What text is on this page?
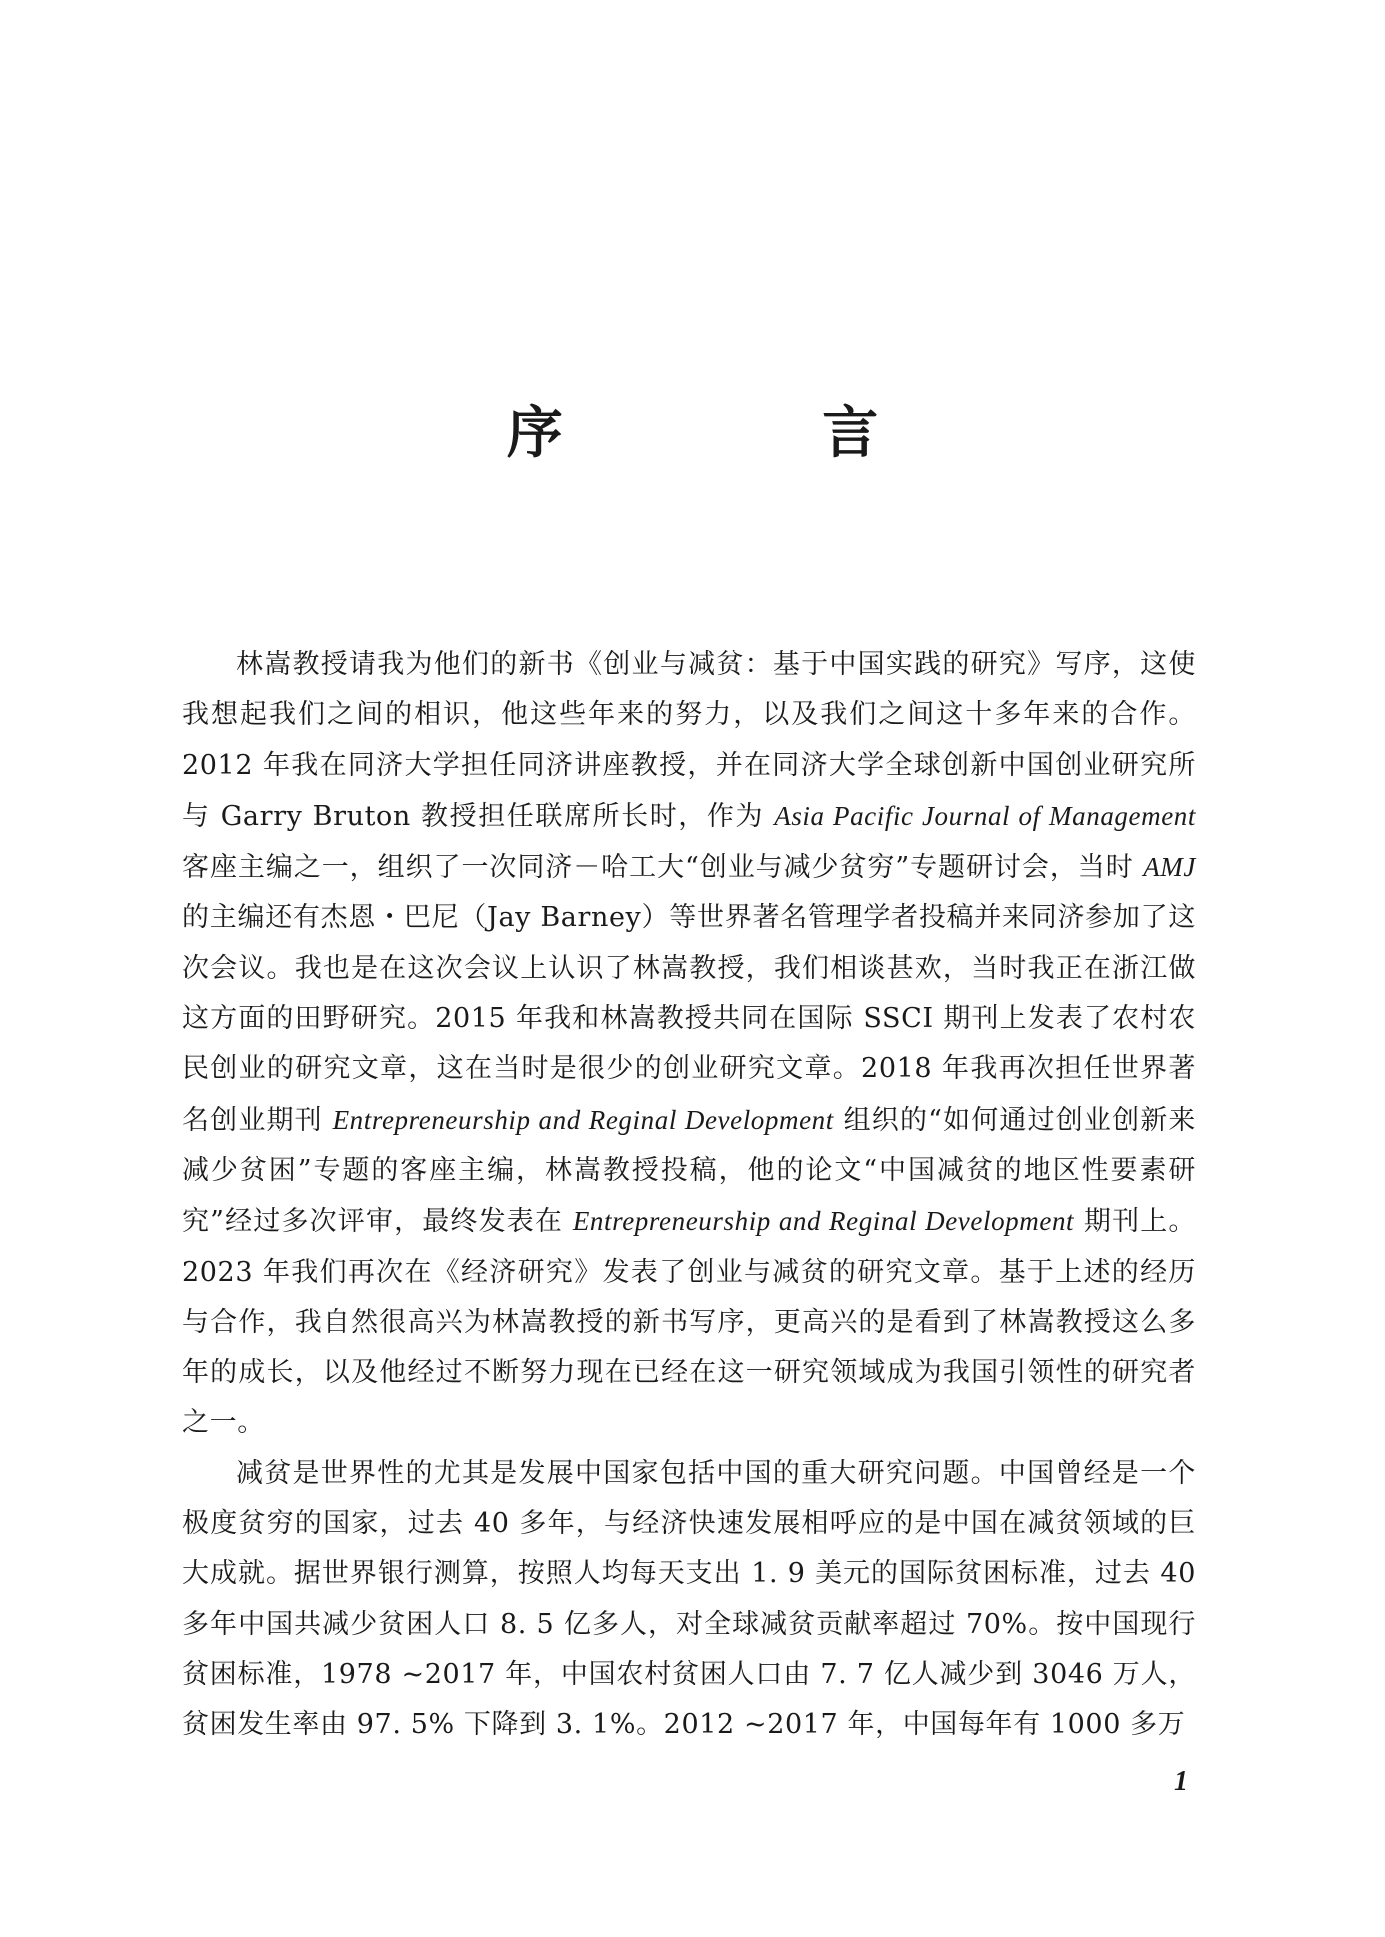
序 言

林嵩教授请我为他们的新书《创业与减贫：基于中国实践的研究》写序，这使我想起我们之间的相识，他这些年来的努力，以及我们之间这十多年来的合作。2012 年我在同济大学担任同济讲座教授，并在同济大学全球创新中国创业研究所与 Garry Bruton 教授担任联席所长时，作为 Asia Pacific Journal of Management 客座主编之一，组织了一次同济－哈工大“创业与减少贫穷”专题研讨会，当时 AMJ 的主编还有杰恩・巴尼（Jay Barney）等世界著名管理学者投稿并来同济参加了这次会议。我也是在这次会议上认识了林嵩教授，我们相谈甚欢，当时我正在浙江做这方面的田野研究。2015 年我和林嵩教授共同在国际 SSCI 期刊上发表了农村农民创业的研究文章，这在当时是很少的创业研究文章。2018 年我再次担任世界著名创业期刊 Entrepreneurship and Reginal Development 组织的“如何通过创业创新来减少贫困”专题的客座主编，林嵩教授投稿，他的论文“中国减贫的地区性要素研究”经过多次评审，最终发表在 Entrepreneurship and Reginal Development 期刊上。2023 年我们再次在《经济研究》发表了创业与减贫的研究文章。基于上述的经历与合作，我自然很高兴为林嵩教授的新书写序，更高兴的是看到了林嵩教授这么多年的成长，以及他经过不断努力现在已经在这一研究领域成为我国引领性的研究者之一。

减贫是世界性的尤其是发展中国家包括中国的重大研究问题。中国曾经是一个极度贫穷的国家，过去 40 多年，与经济快速发展相呼应的是中国在减贫领域的巨大成就。据世界银行测算，按照人均每天支出 1. 9 美元的国际贫困标准，过去 40 多年中国共减少贫困人口 8. 5 亿多人，对全球减贫贡献率超过 70%。按中国现行贫困标准，1978 ~2017 年，中国农村贫困人口由 7. 7 亿人减少到 3046 万人，贫困发生率由 97. 5% 下降到 3. 1%。2012 ~2017 年，中国每年有 1000 多万

1
